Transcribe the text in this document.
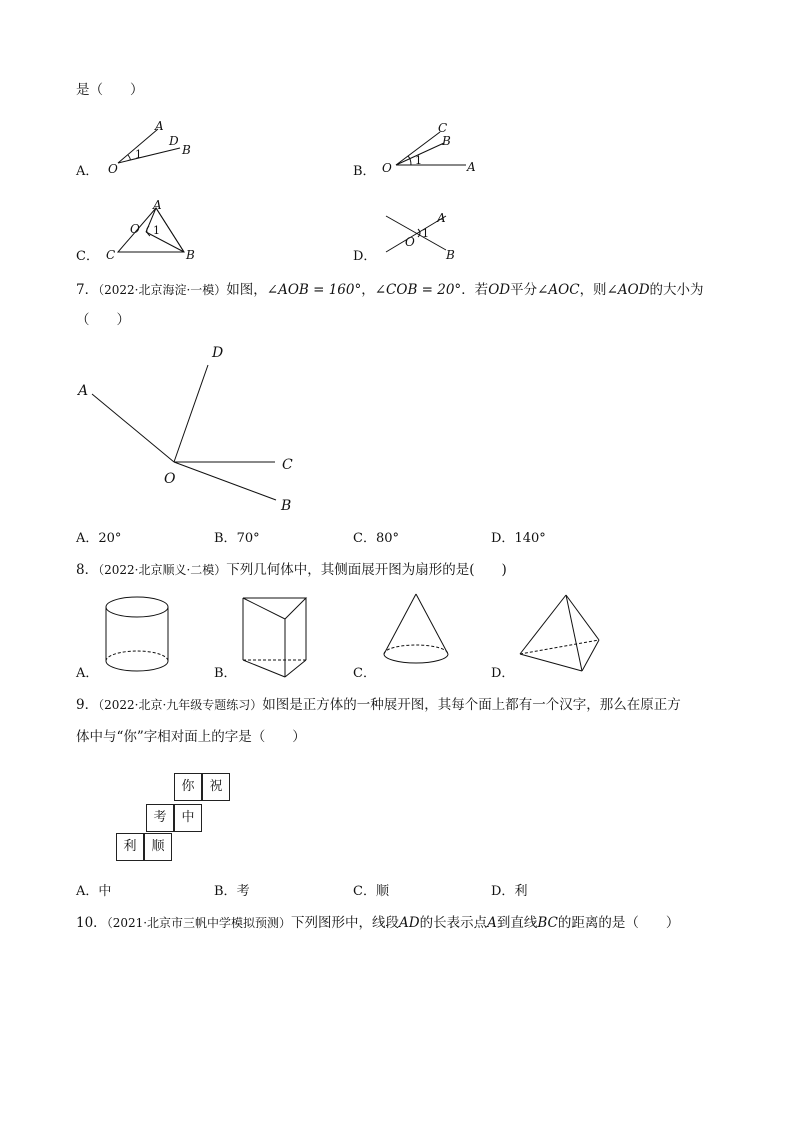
是（　　）
A． O
A
D
B
1
B． O
C
B
A
1
C．
A
O
C	B
1
D．
A
O
B
1
7．（2022·北京海淀·一模）如图，∠AOB = 160°，∠COB = 20°．若OD平分∠AOC，则∠AOD的大小为
（　　）
A
D
O
C
B
A．20°	B．70°	C．80°	D．140°
8．（2022·北京顺义·二模）下列几何体中，其侧面展开图为扇形的是(　　)
A．	B．	C．	D．
9．（2022·北京·九年级专题练习）如图是正方体的一种展开图，其每个面上都有一个汉字，那么在原正方
体中与“你”字相对面上的字是（　　）
你	祝
考	中
利	顺
A．中	B．考	C．顺	D．利
10．（2021·北京市三帆中学模拟预测）下列图形中，线段AD的长表示点A到直线BC的距离的是（　　）
